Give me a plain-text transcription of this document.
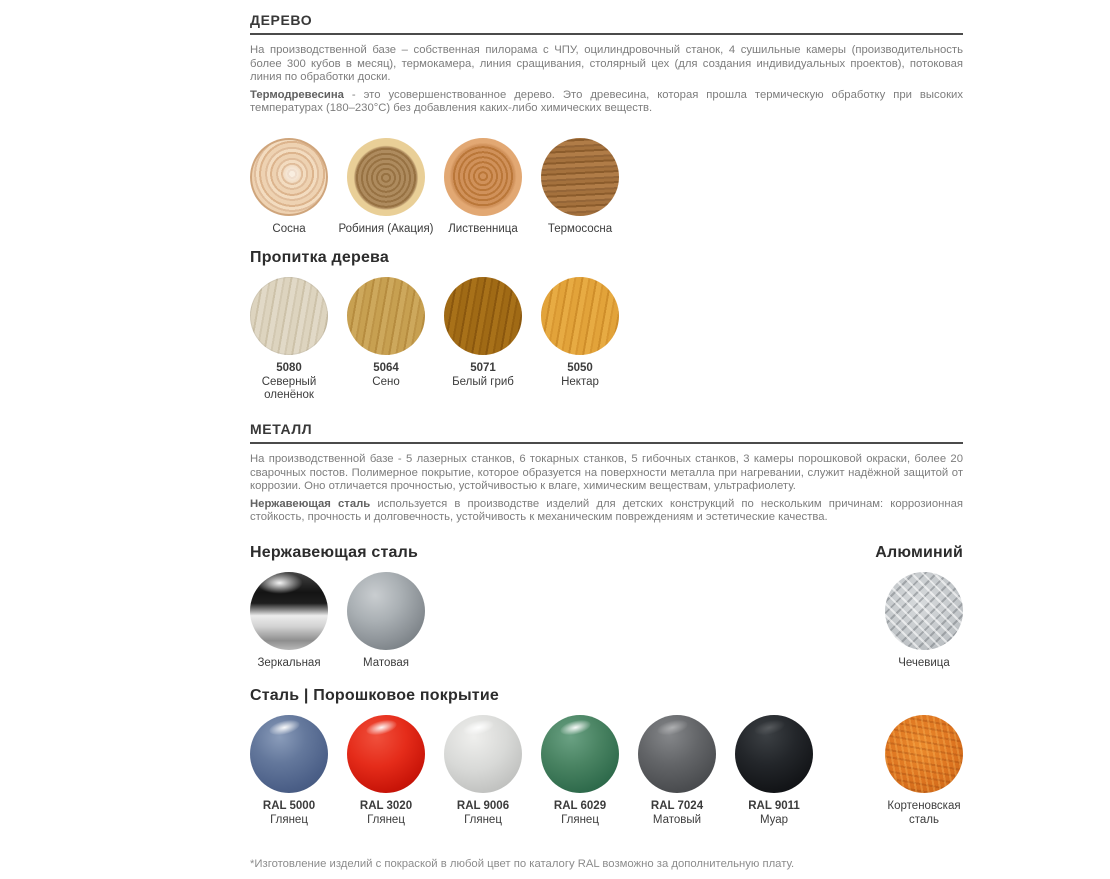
ДЕРЕВО

На производственной базе – собственная пилорама с ЧПУ, оцилиндровочный станок, 4 сушильные камеры (производительность более 300 кубов в месяц), термокамера, линия сращивания, столярный цех (для создания индивидуальных проектов), потоковая линия по обработки доски.

Термодревесина - это усовершенствованное дерево. Это древесина, которая прошла термическую обработку при высоких температурах (180–230°С) без добавления каких-либо химических веществ.

Сосна	Робиния (Акация)	Лиственница	Термососна
Пропитка дерева
5080
Северный оленёнок
5064
Сено
5071
Белый гриб
5050
Нектар
МЕТАЛЛ

На производственной базе - 5 лазерных станков, 6 токарных станков, 5 гибочных станков, 3 камеры порошковой окраски, более 20 сварочных постов. Полимерное покрытие, которое образуется на поверхности металла при нагревании, служит надёжной защитой от коррозии. Оно отличается прочностью, устойчивостью к влаге, химическим веществам, ультрафиолету.

Нержавеющая сталь используется в производстве изделий для детских конструкций по нескольким причинам: коррозионная стойкость, прочность и долговечность, устойчивость к механическим повреждениям и эстетические качества.

Нержавеющая сталь
Зеркальная	Матовая
Алюминий
Чечевица
Сталь | Порошковое покрытие
RAL 5000
Глянец
RAL 3020
Глянец
RAL 9006
Глянец
RAL 6029
Глянец
RAL 7024
Матовый
RAL 9011
Муар
Кортеновская сталь

*Изготовление изделий с покраской в любой цвет по каталогу RAL возможно за дополнительную плату.
